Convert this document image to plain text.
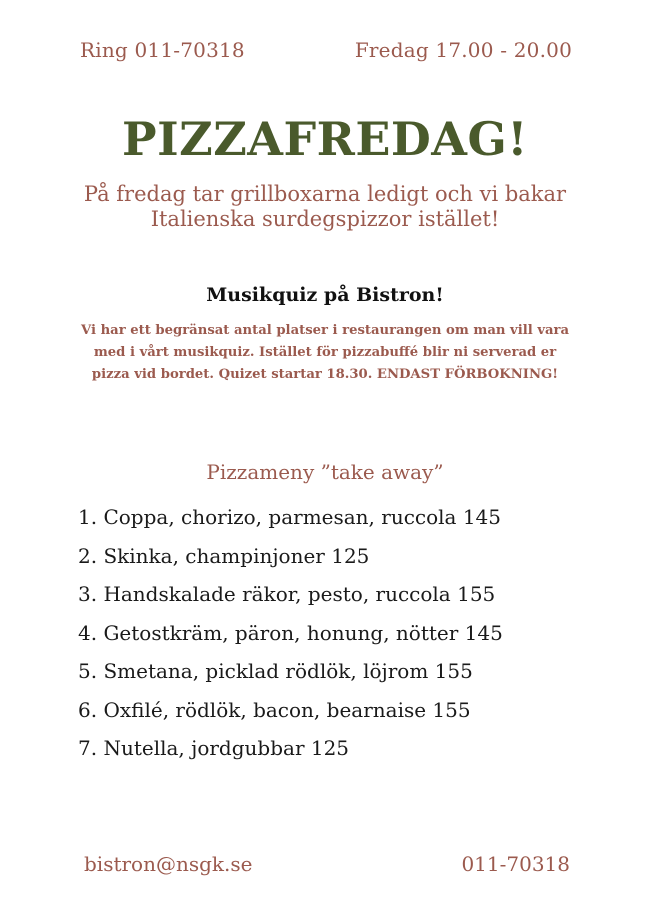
Ring 011-70318	Fredag 17.00 - 20.00
PIZZAFREDAG!
På fredag tar grillboxarna ledigt och vi bakar Italienska surdegspizzor istället!
Musikquiz på Bistron!
Vi har ett begränsat antal platser i restaurangen om man vill vara med i vårt musikquiz. Istället för pizzabuffé blir ni serverad er pizza vid bordet. Quizet startar 18.30. ENDAST FÖRBOKNING!
Pizzameny ”take away”
1. Coppa, chorizo, parmesan, ruccola 145
2. Skinka, champinjoner 125
3. Handskalade räkor, pesto, ruccola 155
4. Getostkräm, päron, honung, nötter 145
5. Smetana, picklad rödlök, löjrom 155
6. Oxfilé, rödlök, bacon, bearnaise 155
7. Nutella, jordgubbar 125
bistron@nsgk.se	011-70318
